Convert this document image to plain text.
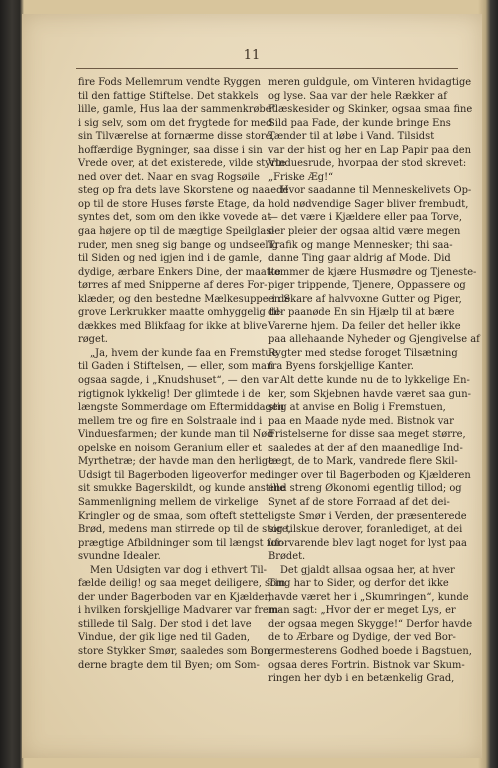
11

fire Fods Mellemrum vendte Ryggen

til den fattige Stiftelse. Det stakkels

lille, gamle, Hus laa der sammenkrøbet

i sig selv, som om det frygtede for med

sin Tilværelse at fornærme disse store,

hoffærdige Bygninger, saa disse i sin

Vrede over, at det existerede, vilde styrte

ned over det. Naar en svag Rogsøile

steg op fra dets lave Skorstene og naaede

op til de store Huses første Etage, da

syntes det, som om den ikke vovede at

gaa højere op til de mægtige Speilglas-

ruder, men sneg sig bange og undseelig

til Siden og ned igjen ind i de gamle,

dydige, ærbare Enkers Dine, der maatte

tørres af med Snipperne af deres For-

klæder, og den bestedne Mælkesuppe i de

grove Lerkrukker maatte omhyggelig til-

dækkes med Blikfaag for ikke at blive

røget.

„Ja, hvem der kunde faa en Fremstue

til Gaden i Stiftelsen, — eller, som man

ogsaa sagde, i „Knudshuset“, — den var

rigtignok lykkelig! Der glimtede i de

længste Sommerdage om Eftermiddagen

mellem tre og fire en Solstraale ind i

Vinduesfarmen; der kunde man til Nød

opelske en noisom Geranium eller et

Myrthetræ; der havde man den herlige

Udsigt til Bagerboden ligeoverfor med

sit smukke Bagerskildt, og kunde anstille

Sammenligning mellem de virkelige

Kringler og de smaa, som ofteft stette

Brød, medens man stirrede op til de store,

prægtige Afbildninger som til længst for-

svundne Idealer.

Men Udsigten var dog i ethvert Til-

fælde deilig! og saa meget deiligere, som

der under Bagerboden var en Kjælder,

i hvilken forskjellige Madvarer var frem-

stillede til Salg. Der stod i det lave

Vindue, der gik lige ned til Gaden,

store Stykker Smør, saaledes som Bon-

derne bragte dem til Byen; om Som-

meren guldgule, om Vinteren hvidagtige

og lyse. Saa var der hele Rækker af

Flæskesider og Skinker, ogsaa smaa fine

Sild paa Fade, der kunde bringe Ens

Tænder til at løbe i Vand. Tilsidst

var der hist og her en Lap Papir paa den

Vinduesrude, hvorpaa der stod skrevet:

„Friske Æg!“

Hvor saadanne til Menneskelivets Op-

hold nødvendige Sager bliver frembudt,

— det være i Kjældere eller paa Torve,

der pleier der ogsaa altid være megen

Trafik og mange Mennesker; thi saa-

danne Ting gaar aldrig af Mode. Did

kommer de kjære Husmødre og Tjeneste-

piger trippende, Tjenere, Oppassere og

en Skare af halvvoxne Gutter og Piger,

der paanøde En sin Hjælp til at bære

Varerne hjem. Da feiler det heller ikke

paa allehaande Nyheder og Gjengivelse af

Rygter med stedse foroget Tilsætning

fra Byens forskjellige Kanter.

Alt dette kunde nu de to lykkelige En-

ker, som Skjebnen havde været saa gun-

stig at anvise en Bolig i Fremstuen,

paa en Maade nyde med. Bistnok var

Fristelserne for disse saa meget større,

saaledes at der af den maanedlige Ind-

tægt, de to Mark, vandrede flere Skil-

linger over til Bagerboden og Kjælderen

end streng Økonomi egentlig tillod; og

Synet af de store Forraad af det dei-

ligste Smør i Verden, der præsenterede

sig tilskue derover, foranlediget, at dei

uforvarende blev lagt noget for lyst paa

Brødet.

Det gjaldt allsaa ogsaa her, at hver

Ting har to Sider, og derfor det ikke

havde været her i „Skumringen“, kunde

man sagt: „Hvor der er meget Lys, er

der ogsaa megen Skygge!“ Derfor havde

de to Ærbare og Dydige, der ved Bor-

germesterens Godhed boede i Bagstuen,

ogsaa deres Fortrin. Bistnok var Skum-

ringen her dyb i en betænkelig Grad,
